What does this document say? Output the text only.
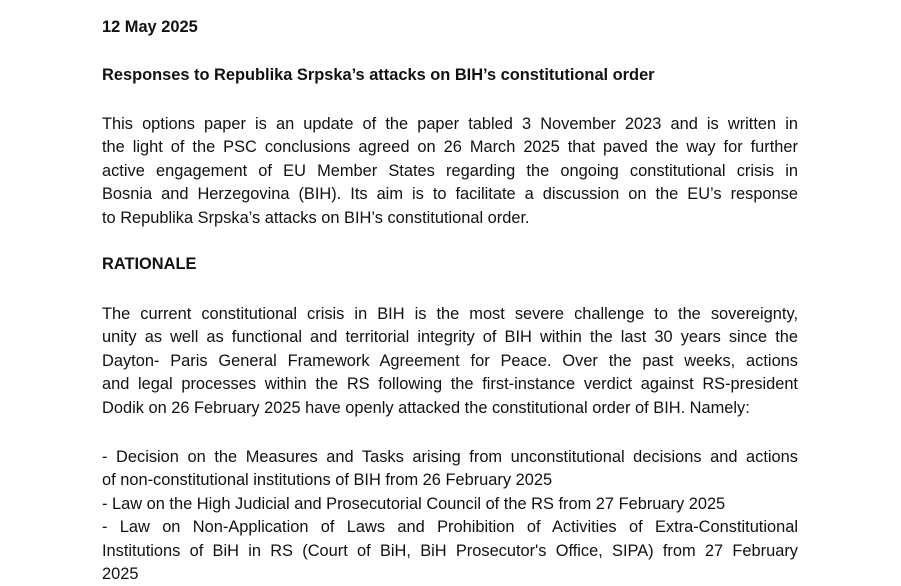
12 May 2025

Responses to Republika Srpska’s attacks on BIH’s constitutional order

This options paper is an update of the paper tabled 3 November 2023 and is written in
the light of the PSC conclusions agreed on 26 March 2025 that paved the way for further
active engagement of EU Member States regarding the ongoing constitutional crisis in
Bosnia and Herzegovina (BIH). Its aim is to facilitate a discussion on the EU’s response
to Republika Srpska’s attacks on BIH’s constitutional order.

RATIONALE

The current constitutional crisis in BIH is the most severe challenge to the sovereignty,
unity as well as functional and territorial integrity of BIH within the last 30 years since the
Dayton- Paris General Framework Agreement for Peace. Over the past weeks, actions
and legal processes within the RS following the first-instance verdict against RS-president
Dodik on 26 February 2025 have openly attacked the constitutional order of BIH. Namely:

- Decision on the Measures and Tasks arising from unconstitutional decisions and actions
of non-constitutional institutions of BIH from 26 February 2025
- Law on the High Judicial and Prosecutorial Council of the RS from 27 February 2025
- Law on Non-Application of Laws and Prohibition of Activities of Extra-Constitutional
Institutions of BiH in RS (Court of BiH, BiH Prosecutor's Office, SIPA) from 27 February
2025
